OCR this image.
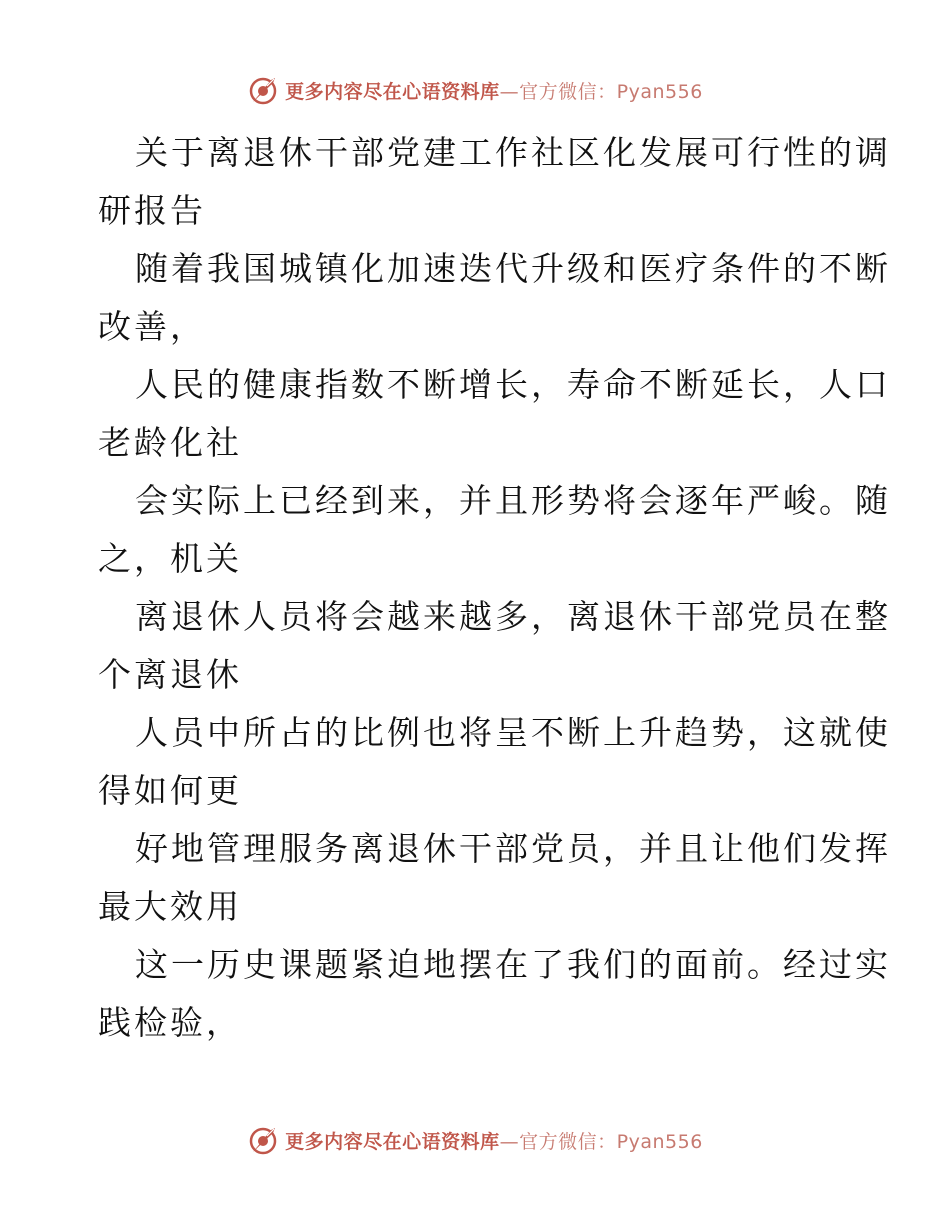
更多内容尽在心语资料库—官方微信：Pyan556
关于离退休干部党建工作社区化发展可行性的调
研报告
随着我国城镇化加速迭代升级和医疗条件的不断
改善，
人民的健康指数不断增长，寿命不断延长，人口
老龄化社
会实际上已经到来，并且形势将会逐年严峻。随
之，机关
离退休人员将会越来越多，离退休干部党员在整
个离退休
人员中所占的比例也将呈不断上升趋势，这就使
得如何更
好地管理服务离退休干部党员，并且让他们发挥
最大效用
这一历史课题紧迫地摆在了我们的面前。经过实
践检验，
更多内容尽在心语资料库—官方微信：Pyan556
